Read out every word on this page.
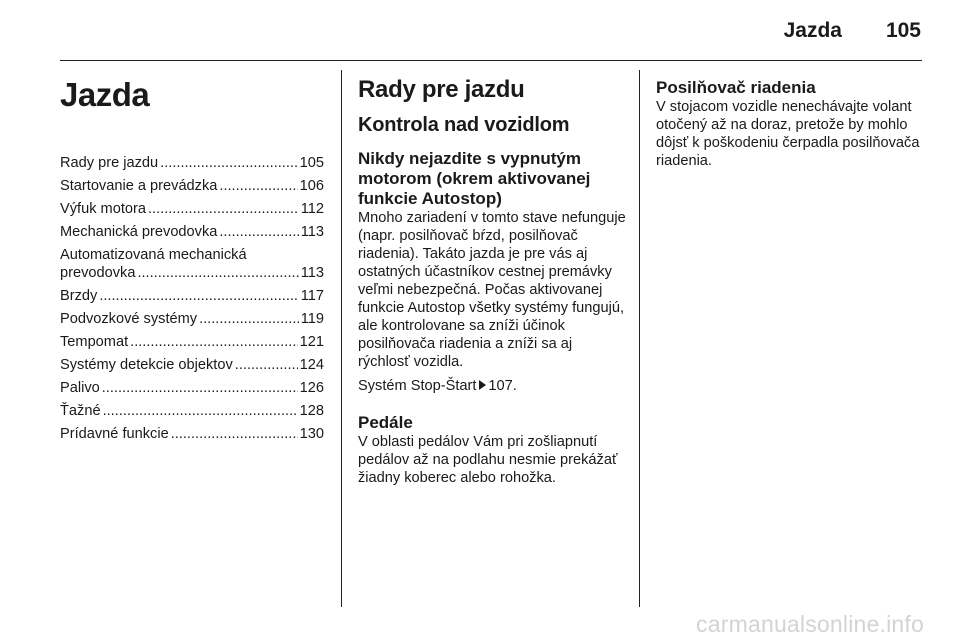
Jazda 105
Jazda
Rady pre jazdu .....	105
Startovanie a prevádzka .....	106
Výfuk motora .....	112
Mechanická prevodovka .....	113
Automatizovaná mechanická
prevodovka .....	113
Brzdy .....	117
Podvozkové systémy .....	119
Tempomat .....	121
Systémy detekcie objektov .....	124
Palivo .....	126
Ťažné .....	128
Prídavné funkcie .....	130
Rady pre jazdu
Kontrola nad vozidlom
Nikdy nejazdite s vypnutým motorom (okrem aktivovanej funkcie Autostop)

Mnoho zariadení v tomto stave nefunguje (napr. posilňovač bŕzd, posilňovač riadenia). Takáto jazda je pre vás aj ostatných účastníkov cestnej premávky veľmi nebezpečná. Počas aktivovanej funkcie Autostop všetky systémy fungujú, ale kontrolovane sa zníži účinok posilňovača riadenia a zníži sa aj rýchlosť vozidla.

Systém Stop-Štart 107.

Pedále

V oblasti pedálov Vám pri zošliapnutí pedálov až na podlahu nesmie prekážať žiadny koberec alebo rohožka.

Posilňovač riadenia

V stojacom vozidle nenechávajte volant otočený až na doraz, pretože by mohlo dôjsť k poškodeniu čerpadla posilňovača riadenia.

carmanualsonline.info
